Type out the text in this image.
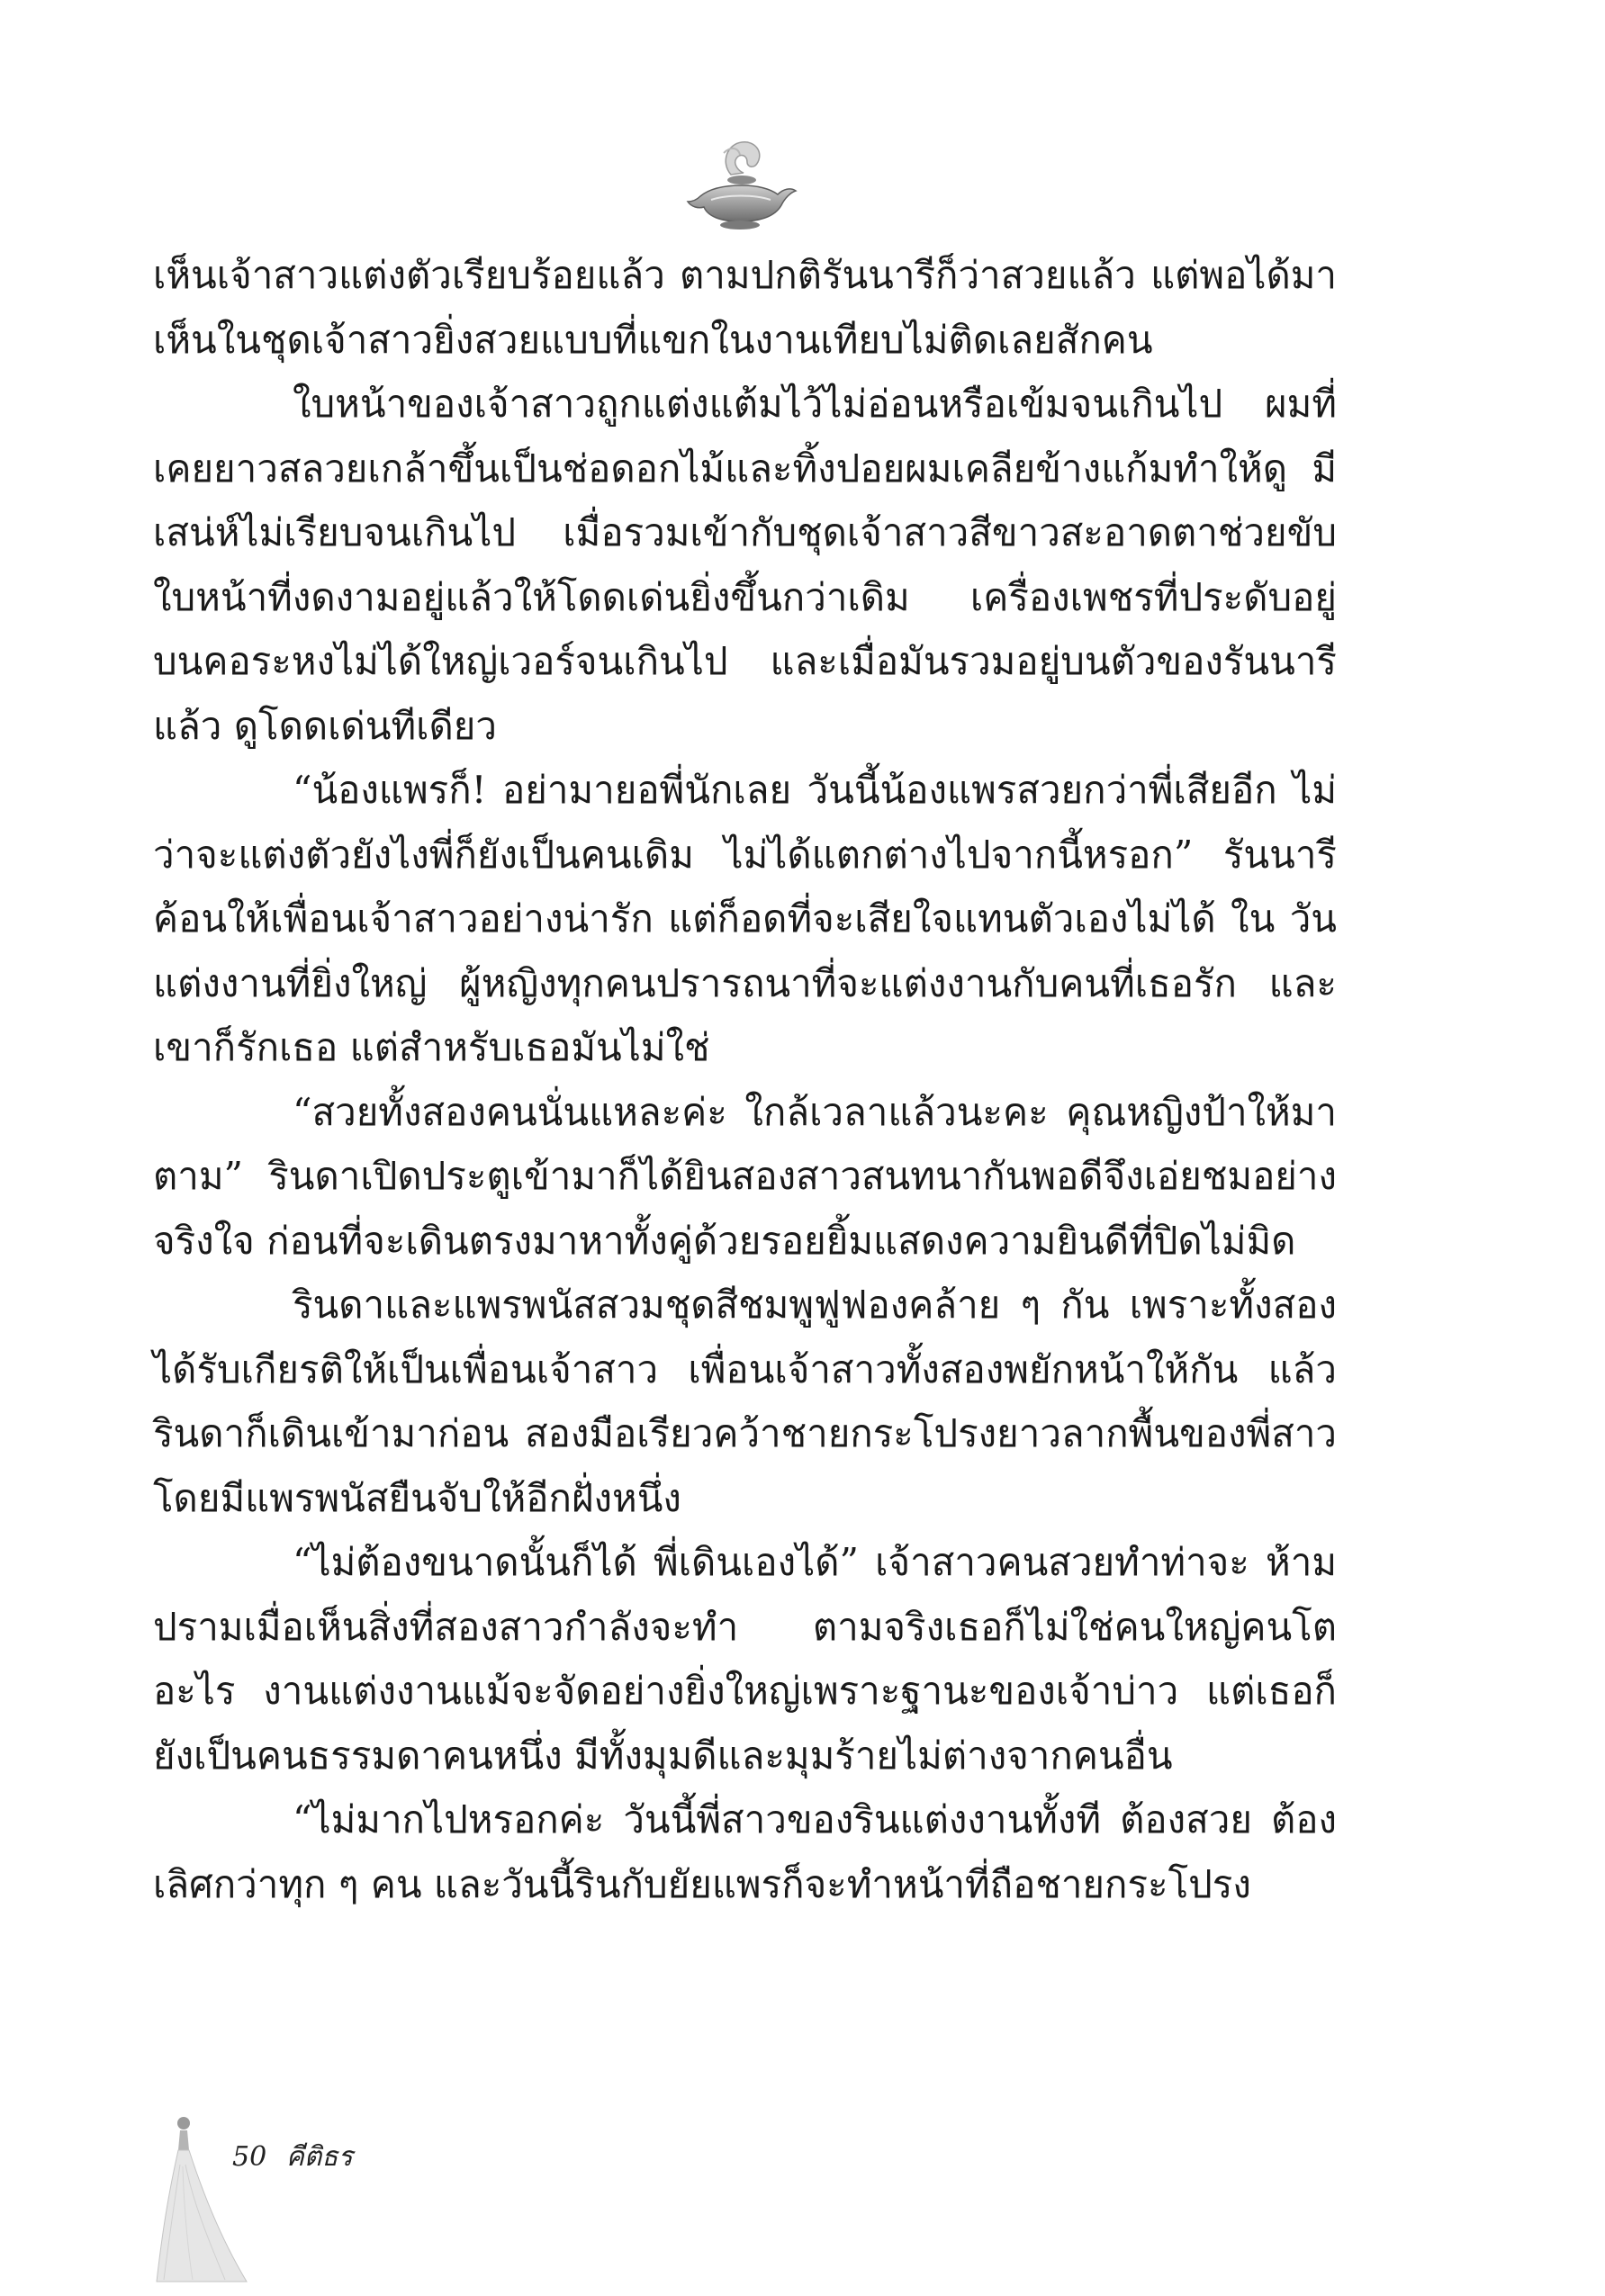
เห็นเจ้าสาวแต่งตัวเรียบร้อยแล้ว ตามปกติรันนารีก็ว่าสวยแล้ว แต่พอได้มา เห็นในชุดเจ้าสาวยิ่งสวยแบบที่แขกในงานเทียบไม่ติดเลยสักคน

ใบหน้าของเจ้าสาวถูกแต่งแต้มไว้ไม่อ่อนหรือเข้มจนเกินไป ผมที่ เคยยาวสลวยเกล้าขึ้นเป็นช่อดอกไม้และทิ้งปอยผมเคลียข้างแก้มทำให้ดู มีเสน่ห์ไม่เรียบจนเกินไป เมื่อรวมเข้ากับชุดเจ้าสาวสีขาวสะอาดตาช่วยขับ ใบหน้าที่งดงามอยู่แล้วให้โดดเด่นยิ่งขึ้นกว่าเดิม เครื่องเพชรที่ประดับอยู่ บนคอระหงไม่ได้ใหญ่เวอร์จนเกินไป และเมื่อมันรวมอยู่บนตัวของรันนารี แล้ว ดูโดดเด่นทีเดียว

“น้องแพรก็! อย่ามายอพี่นักเลย วันนี้น้องแพรสวยกว่าพี่เสียอีก ไม่ว่าจะแต่งตัวยังไงพี่ก็ยังเป็นคนเดิม ไม่ได้แตกต่างไปจากนี้หรอก” รันนารี ค้อนให้เพื่อนเจ้าสาวอย่างน่ารัก แต่ก็อดที่จะเสียใจแทนตัวเองไม่ได้ ใน วันแต่งงานที่ยิ่งใหญ่ ผู้หญิงทุกคนปรารถนาที่จะแต่งงานกับคนที่เธอรัก และเขาก็รักเธอ แต่สำหรับเธอมันไม่ใช่

“สวยทั้งสองคนนั่นแหละค่ะ ใกล้เวลาแล้วนะคะ คุณหญิงป้าให้มา ตาม” รินดาเปิดประตูเข้ามาก็ได้ยินสองสาวสนทนากันพอดีจึงเอ่ยชมอย่าง จริงใจ ก่อนที่จะเดินตรงมาหาทั้งคู่ด้วยรอยยิ้มแสดงความยินดีที่ปิดไม่มิด

รินดาและแพรพนัสสวมชุดสีชมพูฟูฟองคล้าย ๆ กัน เพราะทั้งสอง ได้รับเกียรติให้เป็นเพื่อนเจ้าสาว เพื่อนเจ้าสาวทั้งสองพยักหน้าให้กัน แล้ว รินดาก็เดินเข้ามาก่อน สองมือเรียวคว้าชายกระโปรงยาวลากพื้นของพี่สาว โดยมีแพรพนัสยืนจับให้อีกฝั่งหนึ่ง

“ไม่ต้องขนาดนั้นก็ได้ พี่เดินเองได้” เจ้าสาวคนสวยทำท่าจะ ห้ามปรามเมื่อเห็นสิ่งที่สองสาวกำลังจะทำ ตามจริงเธอก็ไม่ใช่คนใหญ่คนโต อะไร งานแต่งงานแม้จะจัดอย่างยิ่งใหญ่เพราะฐานะของเจ้าบ่าว แต่เธอก็ ยังเป็นคนธรรมดาคนหนึ่ง มีทั้งมุมดีและมุมร้ายไม่ต่างจากคนอื่น

“ไม่มากไปหรอกค่ะ วันนี้พี่สาวของรินแต่งงานทั้งที ต้องสวย ต้องเลิศกว่าทุก ๆ คน และวันนี้รินกับยัยแพรก็จะทำหน้าที่ถือชายกระโปรง

50 คีติธร
